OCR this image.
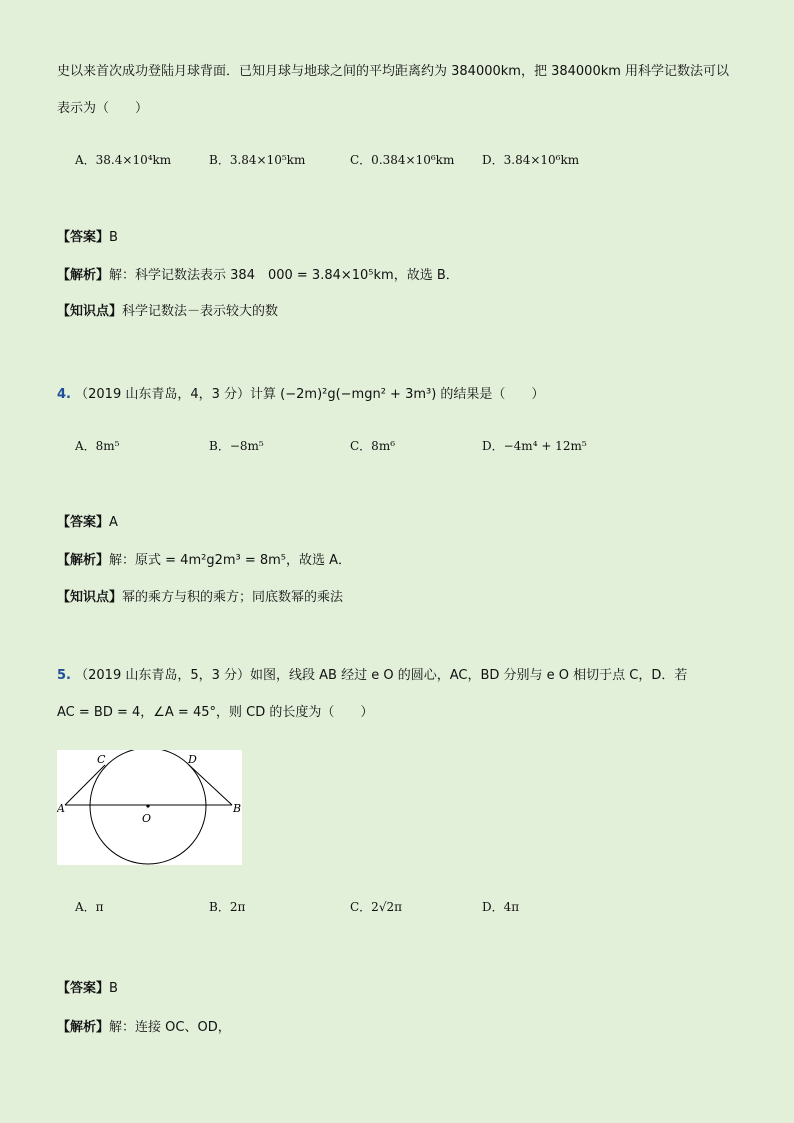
史以来首次成功登陆月球背面．已知月球与地球之间的平均距离约为 384000km，把 384000km 用科学记数法可以
表示为（　　）
A．38.4×10⁴km	B．3.84×10⁵km	C．0.384×10⁶km D．3.84×10⁶km
【答案】B
【解析】解：科学记数法表示 384　000 = 3.84×10⁵km，故选 B．
【知识点】科学记数法－表示较大的数
4. （2019 山东青岛，4，3 分）计算 (−2m)²g(−mgn² + 3m³) 的结果是（　　）
A．8m⁵	B．−8m⁵	C．8m⁶	D．−4m⁴ + 12m⁵
【答案】A
【解析】解：原式 = 4m²g2m³ = 8m⁵，故选 A．
【知识点】幂的乘方与积的乘方；同底数幂的乘法
5. （2019 山东青岛，5，3 分）如图，线段 AB 经过 e O 的圆心，AC，BD 分别与 e O 相切于点 C，D．若
AC = BD = 4，∠A = 45°，则 CD 的长度为（　　）
A	B
C	D
O
A．π	B．2π	C．2√2π	D．4π
【答案】B
【解析】解：连接 OC、OD，
